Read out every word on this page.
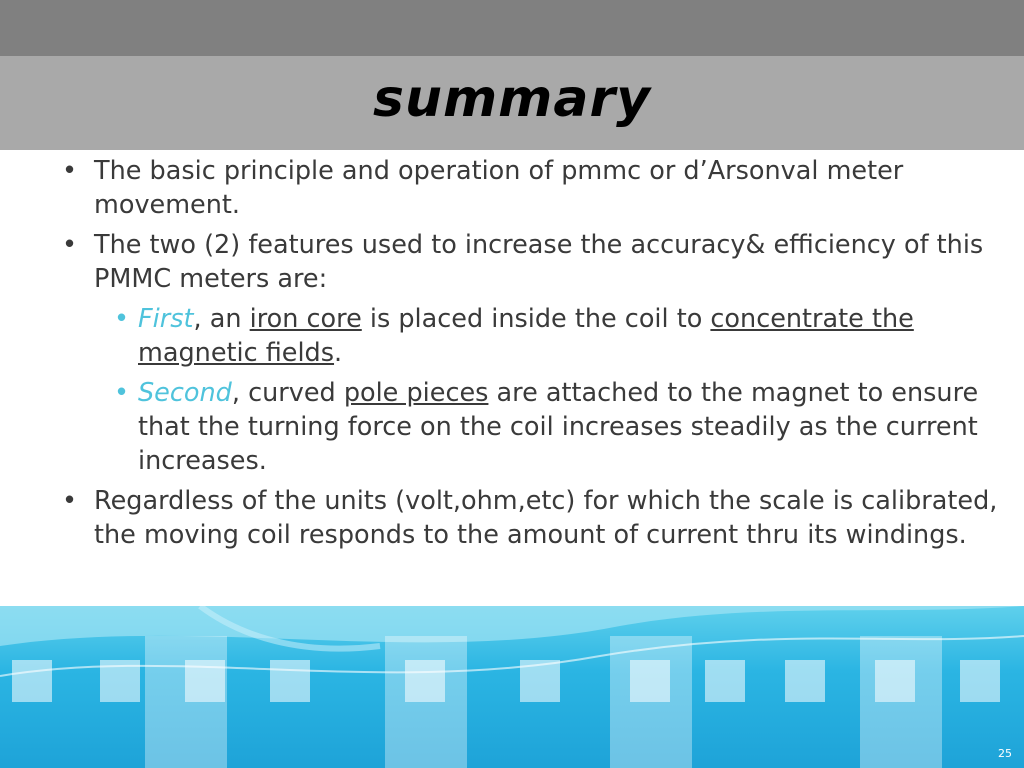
summary
• The basic principle and operation of pmmc or d’Arsonval meter movement.
• The two (2) features used to increase the accuracy& efficiency of this PMMC meters are:
• First, an iron core is placed inside the coil to concentrate the magnetic fields.
• Second, curved pole pieces are attached to the magnet to ensure that the turning force on the coil increases steadily as the current increases.
• Regardless of the units (volt,ohm,etc) for which the scale is calibrated, the moving coil responds to the amount of current thru its windings.
25
